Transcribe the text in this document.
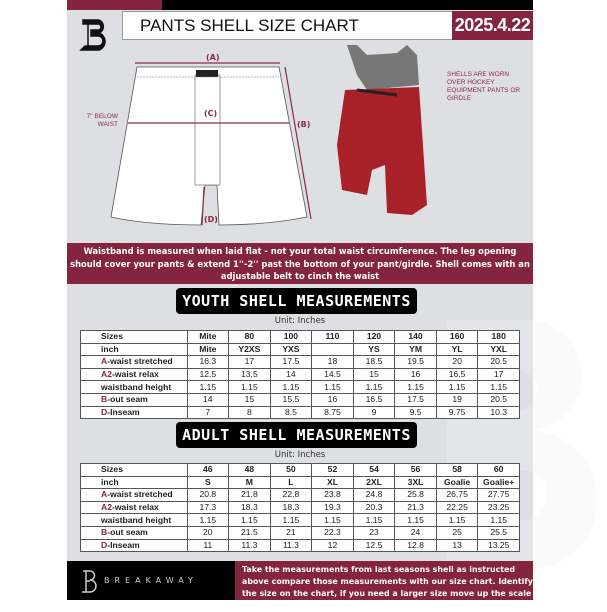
PANTS SHELL SIZE CHART	2025.4.22
(A)
(B)
(C)
(D)
7'' BELOW WAIST
SHELLS ARE WORN OVER HOCKEY EQUIPMENT PANTS OR GIRDLE
Waistband is measured when laid flat - not your total waist circumference. The leg opening should cover your pants & extend 1''-2'' past the bottom of your pant/girdle. Shell comes with an adjustable belt to cinch the waist
YOUTH SHELL MEASUREMENTS
Unit: Inches
Sizes	Mite	80	100	110	120	140	160	180
inch	Mite	Y2XS	YXS		YS	YM	YL	YXL
A-waist stretched	16.3	17	17.5	18	18.5	19.5	20	20.5
A2-waist relax	12.5	13.5	14	14.5	15	16	16.5	17
waistband height	1.15	1.15	1.15	1.15	1.15	1.15	1.15	1.15
B-out seam	14	15	15.5	16	16.5	17.5	19	20.5
D-Inseam	7	8	8.5	8.75	9	9.5	9.75	10.3
ADULT SHELL MEASUREMENTS
Unit: Inches
Sizes	46	48	50	52	54	56	58	60
inch	S	M	L	XL	2XL	3XL	Goalie	Goalie+
A-waist stretched	20.8	21.8	22.8	23.8	24.8	25.8	26.75	27.75
A2-waist relax	17.3	18.3	18.3	19.3	20.3	21.3	22.25	23.25
waistband height	1.15	1.15	1.15	1.15	1.15	1.15	1.15	1.15
B-out seam	20	21.5	21	22.3	23	24	25	25.5
D-Inseam	11	11.3	11.3	12	12.5	12.8	13	13.25
BREAKAWAY
Take the measurements from last seasons shell as instructed above compare those measurements with our size chart. Identify the size on the chart, if you need a larger size move up the scale on the chart
